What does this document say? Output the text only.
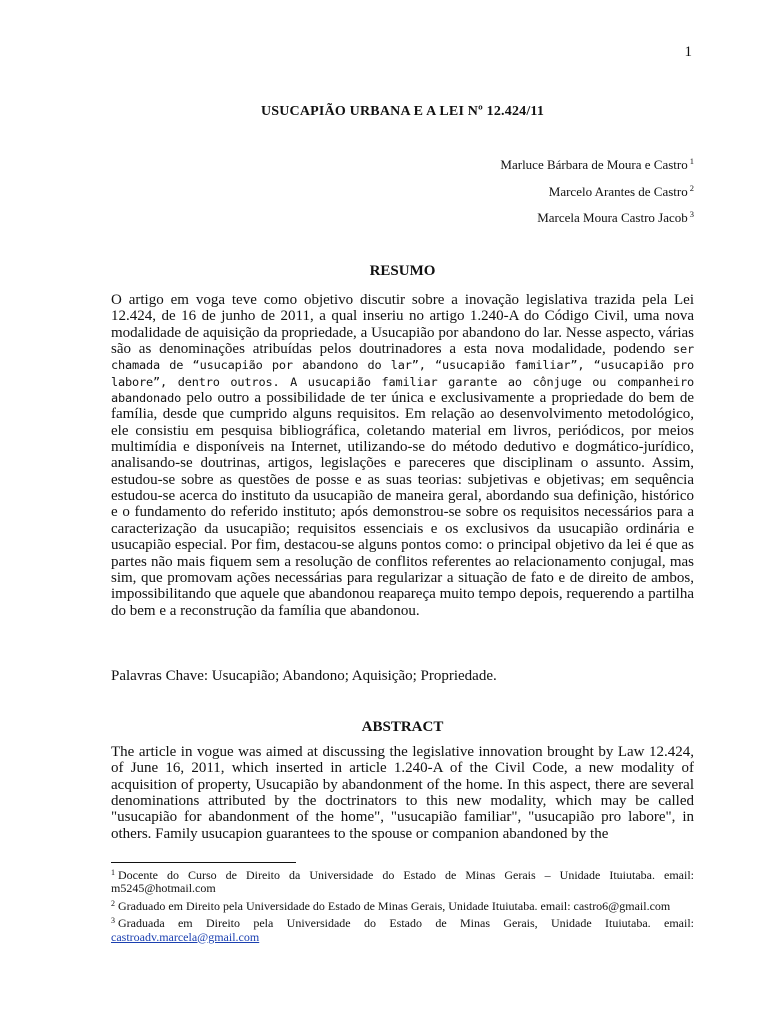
1
USUCAPIÃO URBANA E A LEI Nº 12.424/11
Marluce Bárbara de Moura e Castro $^1$
Marcelo Arantes de Castro $^2$
Marcela Moura Castro Jacob $^3$
RESUMO
O artigo em voga teve como objetivo discutir sobre a inovação legislativa trazida pela Lei 12.424, de 16 de junho de 2011, a qual inseriu no artigo 1.240-A do Código Civil, uma nova modalidade de aquisição da propriedade, a Usucapião por abandono do lar. Nesse aspecto, várias são as denominações atribuídas pelos doutrinadores a esta nova modalidade, podendo ser chamada de “usucapião por abandono do lar”, “usucapião familiar”, “usucapião pro labore”, dentro outros. A usucapião familiar garante ao cônjuge ou companheiro abandonado pelo outro a possibilidade de ter única e exclusivamente a propriedade do bem de família, desde que cumprido alguns requisitos. Em relação ao desenvolvimento metodológico, ele consistiu em pesquisa bibliográfica, coletando material em livros, periódicos, por meios multimídia e disponíveis na Internet, utilizando-se do método dedutivo e dogmático-jurídico, analisando-se doutrinas, artigos, legislações e pareceres que disciplinam o assunto. Assim, estudou-se sobre as questões de posse e as suas teorias: subjetivas e objetivas; em sequência estudou-se acerca do instituto da usucapião de maneira geral, abordando sua definição, histórico e o fundamento do referido instituto; após demonstrou-se sobre os requisitos necessários para a caracterização da usucapião; requisitos essenciais e os exclusivos da usucapião ordinária e usucapião especial. Por fim, destacou-se alguns pontos como: o principal objetivo da lei é que as partes não mais fiquem sem a resolução de conflitos referentes ao relacionamento conjugal, mas sim, que promovam ações necessárias para regularizar a situação de fato e de direito de ambos, impossibilitando que aquele que abandonou reapareça muito tempo depois, requerendo a partilha do bem e a reconstrução da família que abandonou.
Palavras Chave: Usucapião; Abandono; Aquisição; Propriedade.
ABSTRACT
The article in vogue was aimed at discussing the legislative innovation brought by Law 12.424, of June 16, 2011, which inserted in article 1.240-A of the Civil Code, a new modality of acquisition of property, Usucapião by abandonment of the home. In this aspect, there are several denominations attributed by the doctrinators to this new modality, which may be called "usucapião for abandonment of the home", "usucapião familiar", "usucapião pro labore", in others. Family usucapion guarantees to the spouse or companion abandoned by the
$^1$ Docente do Curso de Direito da Universidade do Estado de Minas Gerais – Unidade Ituiutaba. email: m5245@hotmail.com
$^2$ Graduado em Direito pela Universidade do Estado de Minas Gerais, Unidade Ituiutaba. email: castro6@gmail.com
$^3$ Graduada em Direito pela Universidade do Estado de Minas Gerais, Unidade Ituiutaba. email: castroadv.marcela@gmail.com
